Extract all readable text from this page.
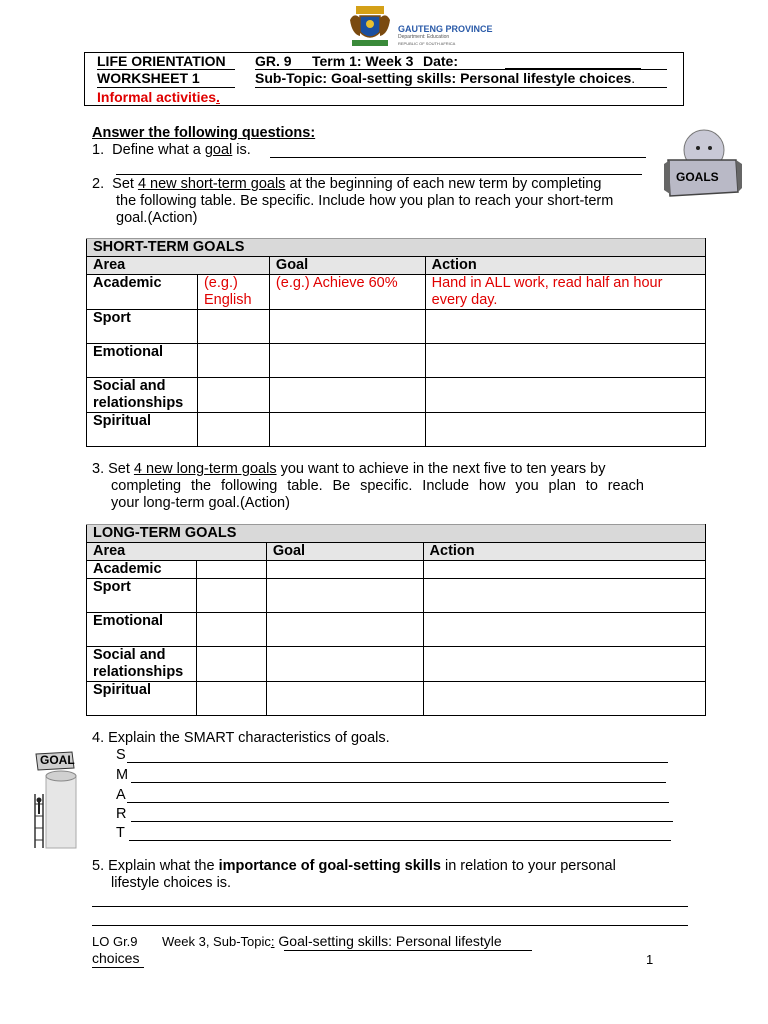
GAUTENG PROVINCE
Department: Education
REPUBLIC OF SOUTH AFRICA
LIFE ORIENTATION
WORKSHEET 1
Informal activities.
GR. 9 Term 1: Week 3 Date:
Sub-Topic: Goal-setting skills: Personal lifestyle choices.
Answer the following questions:
1. Define what a goal is.
GOALS
2. Set 4 new short-term goals at the beginning of each new term by completing
the following table. Be specific. Include how you plan to reach your short-term
goal.(Action)
SHORT-TERM GOALS			
Area		Goal	Action
Academic	(e.g.) English	(e.g.) Achieve 60%	Hand in ALL work, read half an hour every day.
Sport			
Emotional			
Social and relationships			
Spiritual			
3. Set 4 new long-term goals you want to achieve in the next five to ten years by
completing the following table. Be specific. Include how you plan to reach
your long-term goal.(Action)
LONG-TERM GOALS			
Area		Goal	Action
Academic			
Sport			
Emotional			
Social and relationships			
Spiritual			
4. Explain the SMART characteristics of goals.
S
M
A
R
T
GOAL
5. Explain what the importance of goal-setting skills in relation to your personal
lifestyle choices is.
LO Gr.9 Week 3, Sub-Topic: Goal-setting skills: Personal lifestyle
choices	1
